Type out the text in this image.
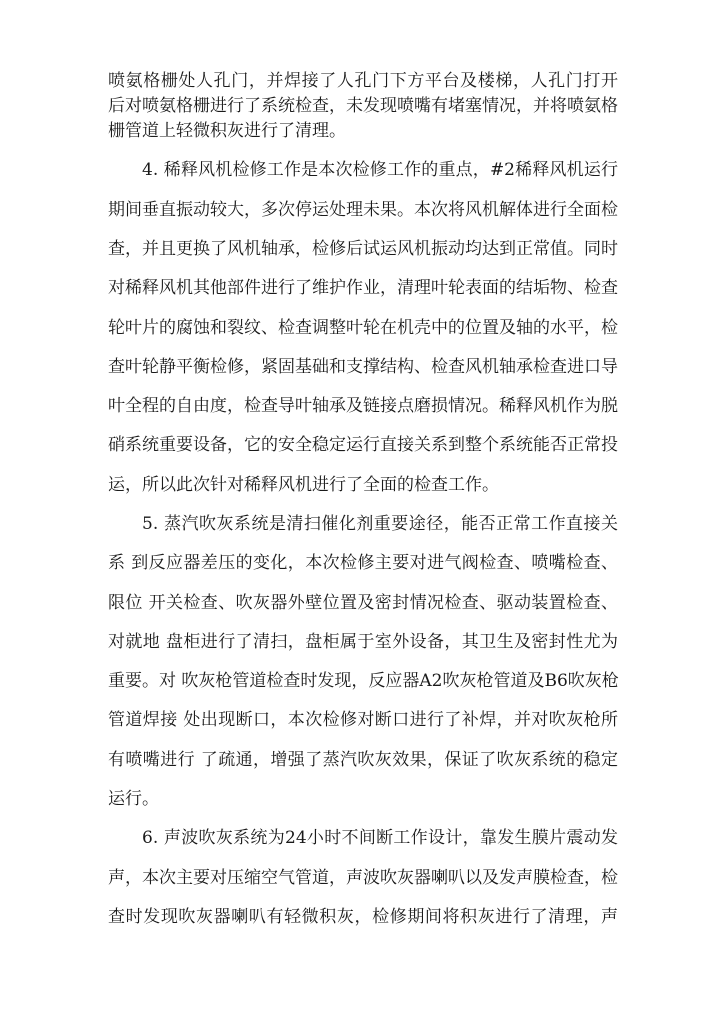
喷氨格栅处人孔门，并焊接了人孔门下方平台及楼梯，人孔门打开
后对喷氨格栅进行了系统检查，未发现喷嘴有堵塞情况，并将喷氨格
栅管道上轻微积灰进行了清理。
4. 稀释风机检修工作是本次检修工作的重点，#2稀释风机运行
期间垂直振动较大，多次停运处理未果。本次将风机解体进行全面检
查，并且更换了风机轴承，检修后试运风机振动均达到正常值。同时
对稀释风机其他部件进行了维护作业，清理叶轮表面的结垢物、检查
轮叶片的腐蚀和裂纹、检查调整叶轮在机壳中的位置及轴的水平，检
查叶轮静平衡检修，紧固基础和支撑结构、检查风机轴承检查进口导
叶全程的自由度，检查导叶轴承及链接点磨损情况。稀释风机作为脱
硝系统重要设备，它的安全稳定运行直接关系到整个系统能否正常投
运，所以此次针对稀释风机进行了全面的检查工作。
5. 蒸汽吹灰系统是清扫催化剂重要途径，能否正常工作直接关
系 到反应器差压的变化，本次检修主要对进气阀检查、喷嘴检查、
限位 开关检查、吹灰器外壁位置及密封情况检查、驱动装置检查、
对就地 盘柜进行了清扫，盘柜属于室外设备，其卫生及密封性尤为
重要。对 吹灰枪管道检查时发现，反应器A2吹灰枪管道及B6吹灰枪
管道焊接 处出现断口，本次检修对断口进行了补焊，并对吹灰枪所
有喷嘴进行 了疏通，增强了蒸汽吹灰效果，保证了吹灰系统的稳定
运行。
6. 声波吹灰系统为24小时不间断工作设计，靠发生膜片震动发
声，本次主要对压缩空气管道，声波吹灰器喇叭以及发声膜检查，检
查时发现吹灰器喇叭有轻微积灰，检修期间将积灰进行了清理，声
